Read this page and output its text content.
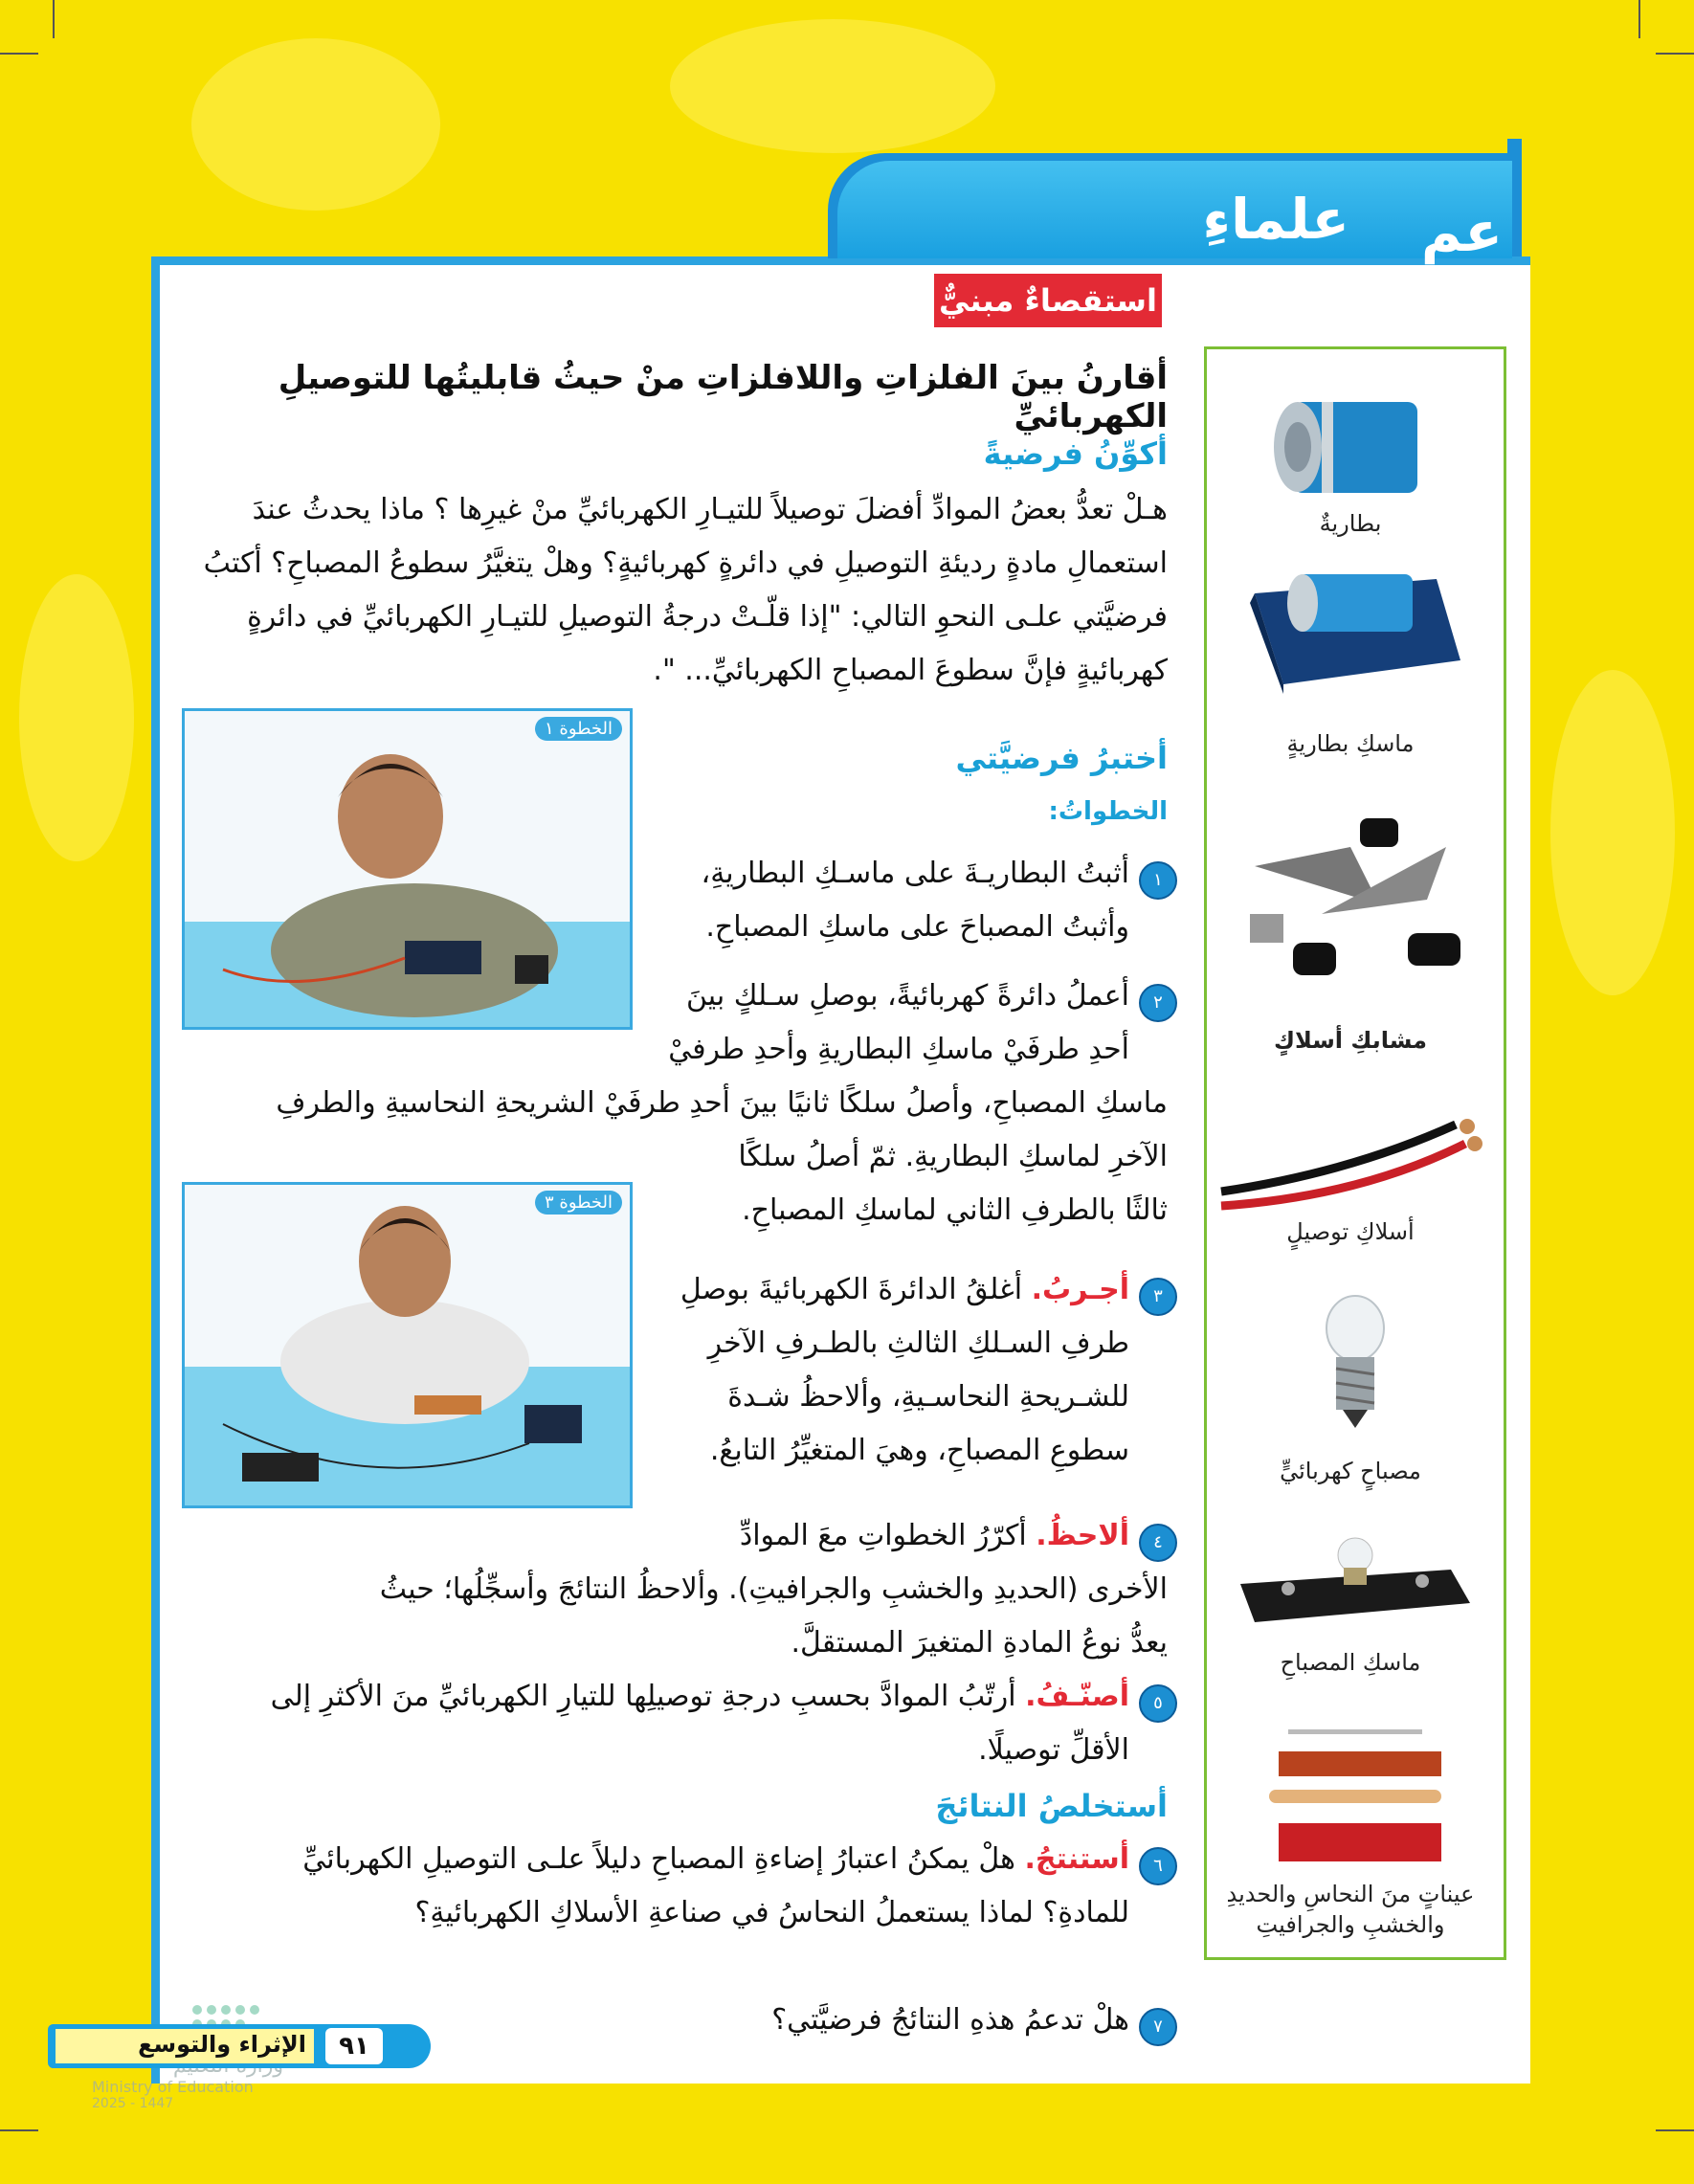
علماءِ عم
استقصاءٌ مبنيٌّ
أقارنُ بينَ الفلزاتِ واللافلزاتِ منْ حيثُ قابليتُها للتوصيلِ الكهربائيِّ
أكوِّنُ فرضيةً
هـلْ تعدُّ بعضُ الموادِّ أفضلَ توصيلاً للتيـارِ الكهربائيِّ منْ غيرِها ؟ ماذا يحدثُ عندَ
استعمالِ مادةٍ رديئةِ التوصيلِ في دائرةٍ كهربائيةٍ؟ وهلْ يتغيَّرُ سطوعُ المصباحِ؟ أكتبُ
فرضيَّتي علـى النحوِ التالي: "إذا قلّـتْ درجةُ التوصيلِ للتيـارِ الكهربائيِّ في دائرةٍ
كهربائيةٍ فإنَّ سطوعَ المصباحِ الكهربائيِّ... ".
الخطوة ١
أختبرُ فرضيَّتي
الخطواتُ:
١
أثبتُ البطاريـةَ على ماسـكِ البطاريةِ،
وأثبتُ المصباحَ على ماسكِ المصباحِ.
٢
أعملُ دائرةً كهربائيةً، بوصلِ سـلكٍ بينَ
أحدِ طرفَيْ ماسكِ البطاريةِ وأحدِ طرفيْ
ماسكِ المصباحِ، وأصلُ سلكًا ثانيًا بينَ أحدِ طرفَيْ الشريحةِ النحاسيةِ والطرفِ
الآخرِ لماسكِ البطاريةِ. ثمّ أصلُ سلكًا
ثالثًا بالطرفِ الثاني لماسكِ المصباحِ.
الخطوة ٣
٣
أجـربُ. أغلقُ الدائرةَ الكهربائيةَ بوصلِ
طرفِ السـلكِ الثالثِ بالطـرفِ الآخرِ
للشـريحةِ النحاسـيةِ، وألاحظُ شـدةَ
سطوعِ المصباحِ، وهيَ المتغيِّرُ التابعُ.
٤
ألاحظُ. أكرّرُ الخطواتِ معَ الموادِّ
الأخرى (الحديدِ والخشبِ والجرافيتِ). وألاحظُ النتائجَ وأسجِّلُها؛ حيثُ
يعدُّ نوعُ المادةِ المتغيرَ المستقلَّ.
٥
أصنّـفُ. أرتّبُ الموادَّ بحسبِ درجةِ توصيلِها للتيارِ الكهربائيِّ منَ الأكثرِ إلى
الأقلِّ توصيلًا.
أستخلصُ النتائجَ
٦
أستنتجُ. هلْ يمكنُ اعتبارُ إضاءةِ المصباحِ دليلاً علـى التوصيلِ الكهربائيِّ
للمادةِ؟ لماذا يستعملُ النحاسُ في صناعةِ الأسلاكِ الكهربائيةِ؟
٧
هلْ تدعمُ هذهِ النتائجُ فرضيَّتي؟
بطاريةٌ
ماسكِ بطاريةٍ
مشابكِ أسلاكٍ
أسلاكِ توصيلٍ
مصباحٍ كهربائيٍّ
ماسكِ المصباحِ
عيناتٍ منَ النحاسِ والحديدِ
والخشبِ والجرافيتِ
Ministry of Education
2025 - 1447
الإثراء والتوسع	٩١
